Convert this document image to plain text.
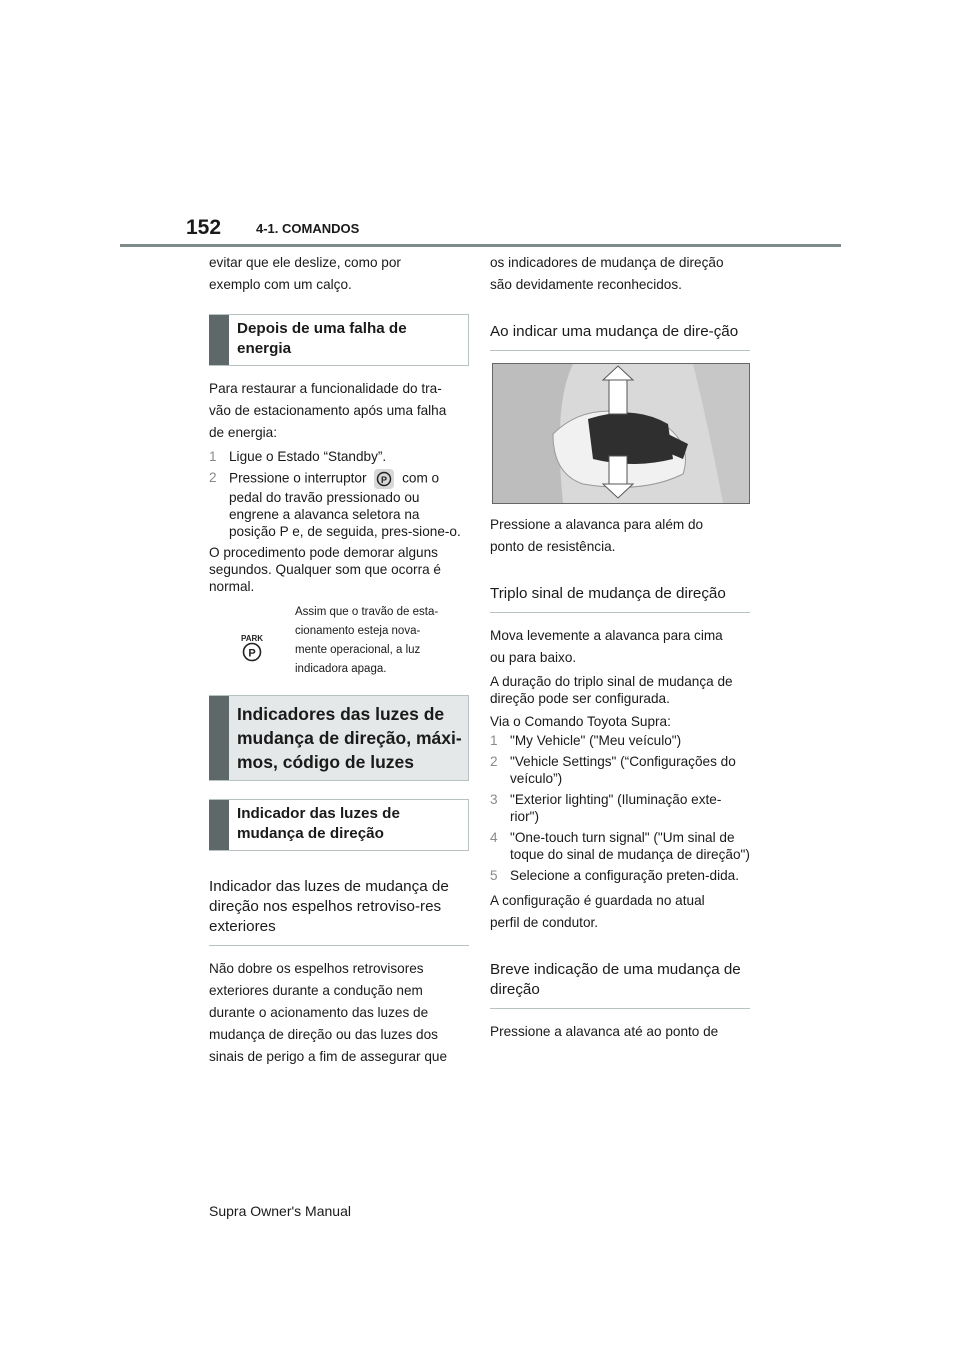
152	4-1. COMANDOS

evitar que ele deslize, como por
exemplo com um calço.

Depois de uma falha de energia

Para restaurar a funcionalidade do tra-
vão de estacionamento após uma falha
de energia:

1 Ligue o Estado “Standby”.
2 Pressione o interruptor P com o pedal do travão pressionado ou engrene a alavanca seletora na posição P e, de seguida, pres-sione-o.

O procedimento pode demorar alguns segundos. Qualquer som que ocorra é normal.

PARK
P
Assim que o travão de esta-
cionamento esteja nova-
mente operacional, a luz
indicadora apaga.
Indicadores das luzes de mudança de direção, máxi-mos, código de luzes
Indicador das luzes de mudança de direção
Indicador das luzes de mudança de direção nos espelhos retroviso-res exteriores

Não dobre os espelhos retrovisores
exteriores durante a condução nem
durante o acionamento das luzes de
mudança de direção ou das luzes dos
sinais de perigo a fim de assegurar que

os indicadores de mudança de direção
são devidamente reconhecidos.

Ao indicar uma mudança de dire-ção

Pressione a alavanca para além do
ponto de resistência.

Triplo sinal de mudança de direção

Mova levemente a alavanca para cima
ou para baixo.

A duração do triplo sinal de mudança de direção pode ser configurada.

Via o Comando Toyota Supra:

1 "My Vehicle" ("Meu veículo")
2 "Vehicle Settings" (“Configurações do veículo”)
3 "Exterior lighting" (Iluminação exte-rior")
4 "One-touch turn signal" ("Um sinal de toque do sinal de mudança de direção")
5 Selecione a configuração preten-dida.

A configuração é guardada no atual
perfil de condutor.

Breve indicação de uma mudança de direção

Pressione a alavanca até ao ponto de

Supra Owner's Manual
